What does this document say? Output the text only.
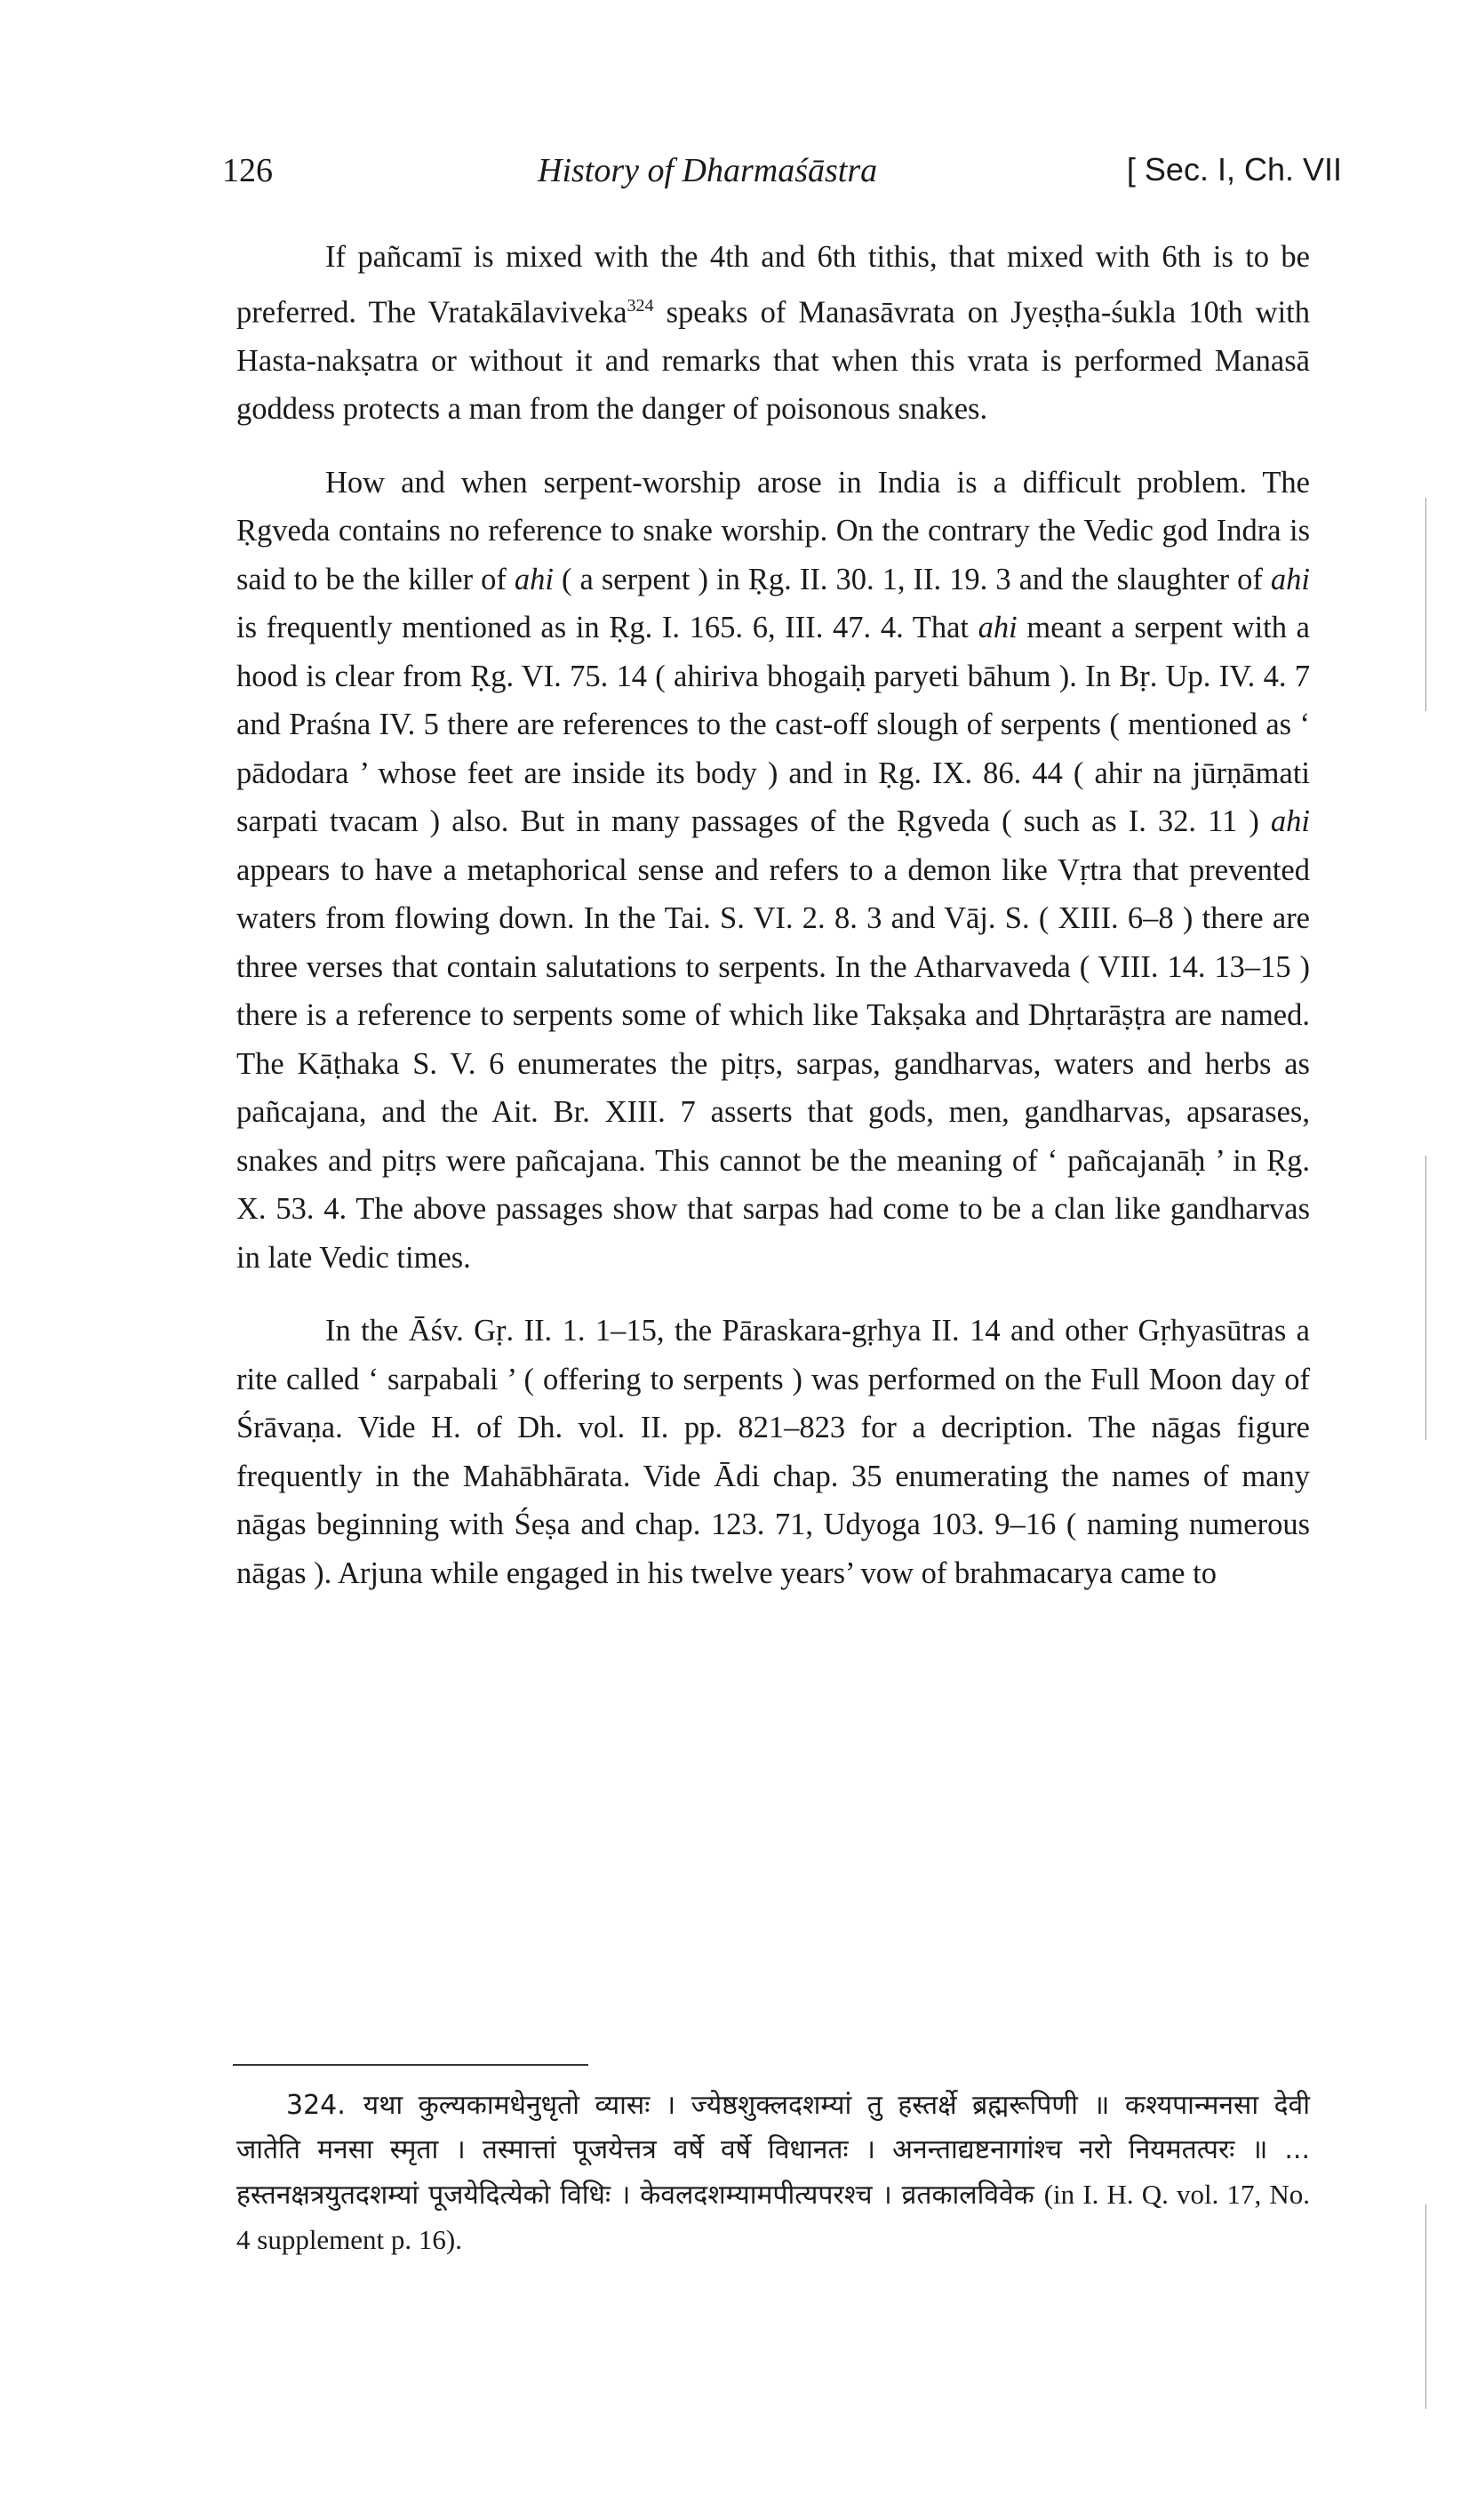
126	History of Dharmaśāstra	[ Sec. I, Ch. VII

If pañcamī is mixed with the 4th and 6th tithis, that mixed with 6th is to be preferred. The Vratakālaviveka$^{324}$ speaks of Manasāvrata on Jyeṣṭha-śukla 10th with Hasta-nakṣatra or without it and remarks that when this vrata is performed Manasā goddess protects a man from the danger of poisonous snakes.

How and when serpent-worship arose in India is a difficult problem. The Ṛgveda contains no reference to snake worship. On the contrary the Vedic god Indra is said to be the killer of ahi ( a serpent ) in Ṛg. II. 30. 1, II. 19. 3 and the slaughter of ahi is frequently mentioned as in Ṛg. I. 165. 6, III. 47. 4. That ahi meant a serpent with a hood is clear from Ṛg. VI. 75. 14 ( ahiriva bhogaiḥ paryeti bāhum ). In Bṛ. Up. IV. 4. 7 and Praśna IV. 5 there are references to the cast-off slough of serpents ( mentioned as ‘ pādodara ’ whose feet are inside its body ) and in Ṛg. IX. 86. 44 ( ahir na jūrṇāmati sarpati tvacam ) also. But in many passages of the Ṛgveda ( such as I. 32. 11 ) ahi appears to have a metaphorical sense and refers to a demon like Vṛtra that prevented waters from flowing down. In the Tai. S. VI. 2. 8. 3 and Vāj. S. ( XIII. 6–8 ) there are three verses that contain salutations to serpents. In the Atharvaveda ( VIII. 14. 13–15 ) there is a reference to serpents some of which like Takṣaka and Dhṛtarāṣṭra are named. The Kāṭhaka S. V. 6 enumerates the pitṛs, sarpas, gandharvas, waters and herbs as pañcajana, and the Ait. Br. XIII. 7 asserts that gods, men, gandharvas, apsarases, snakes and pitṛs were pañcajana. This cannot be the meaning of ‘ pañcajanāḥ ’ in Ṛg. X. 53. 4. The above passages show that sarpas had come to be a clan like gandharvas in late Vedic times.

In the Āśv. Gṛ. II. 1. 1–15, the Pāraskara-gṛhya II. 14 and other Gṛhyasūtras a rite called ‘ sarpabali ’ ( offering to serpents ) was performed on the Full Moon day of Śrāvaṇa. Vide H. of Dh. vol. II. pp. 821–823 for a decription. The nāgas figure frequently in the Mahābhārata. Vide Ādi chap. 35 enumerating the names of many nāgas beginning with Śeṣa and chap. 123. 71, Udyoga 103. 9–16 ( naming numerous nāgas ). Arjuna while engaged in his twelve years’ vow of brahmacarya came to

324. यथा कुल्यकामधेनुधृतो व्यासः । ज्येष्ठशुक्लदशम्यां तु हस्तर्क्षे ब्रह्मरूपिणी ॥ कश्यपान्मनसा देवी जातेति मनसा स्मृता । तस्मात्तां पूजयेत्तत्र वर्षे वर्षे विधानतः । अनन्ताद्यष्टनागांश्च नरो नियमतत्परः ॥ ... हस्तनक्षत्रयुतदशम्यां पूजयेदित्येको विधिः । केवलदशम्यामपीत्यपरश्च । व्रतकालविवेक (in I. H. Q. vol. 17, No. 4 supplement p. 16).
